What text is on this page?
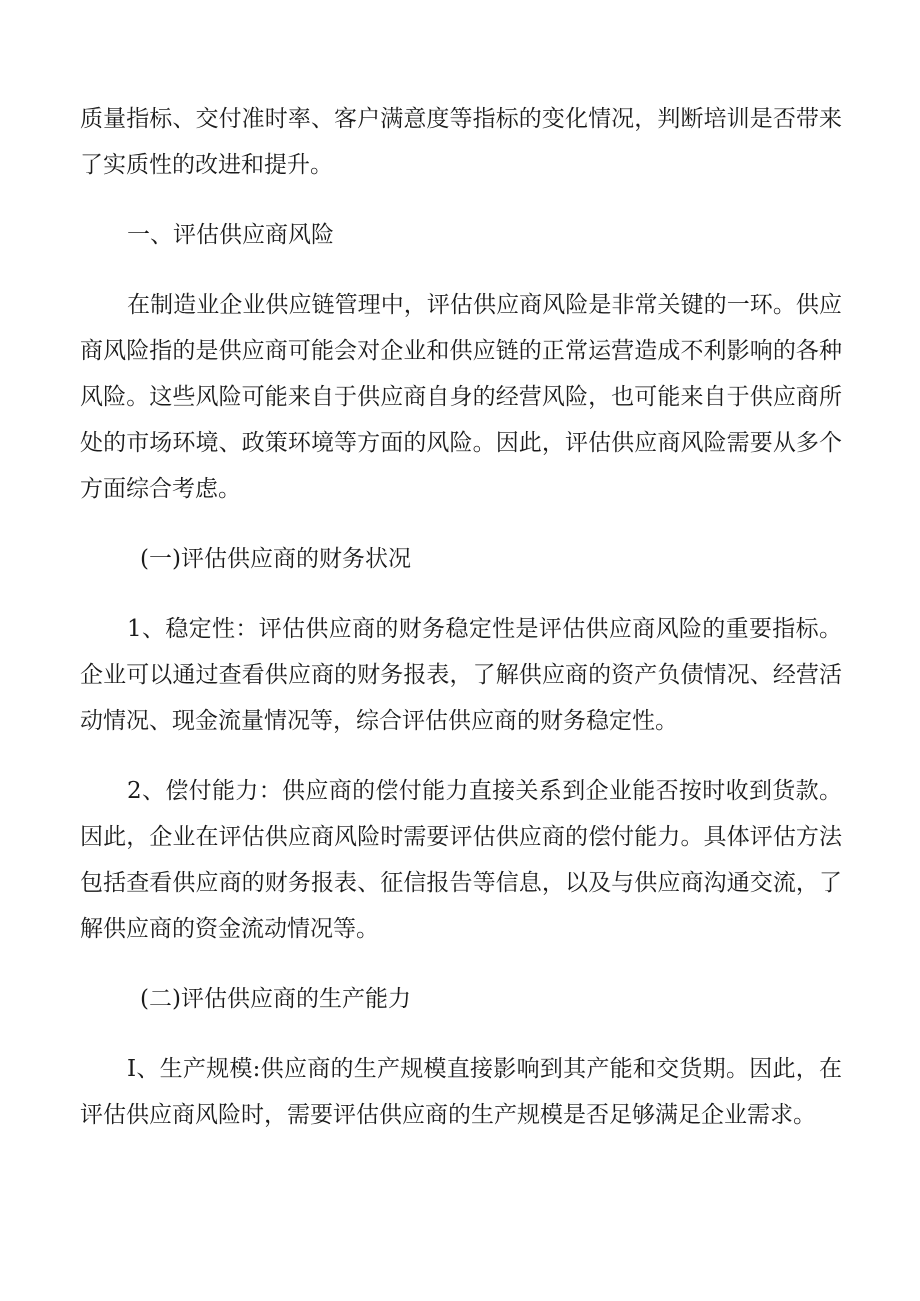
质量指标、交付准时率、客户满意度等指标的变化情况，判断培训是否带来了实质性的改进和提升。

一、评估供应商风险

在制造业企业供应链管理中，评估供应商风险是非常关键的一环。供应商风险指的是供应商可能会对企业和供应链的正常运营造成不利影响的各种风险。这些风险可能来自于供应商自身的经营风险，也可能来自于供应商所处的市场环境、政策环境等方面的风险。因此，评估供应商风险需要从多个方面综合考虑。

(一)评估供应商的财务状况

1、稳定性：评估供应商的财务稳定性是评估供应商风险的重要指标。企业可以通过查看供应商的财务报表，了解供应商的资产负债情况、经营活动情况、现金流量情况等，综合评估供应商的财务稳定性。

2、偿付能力：供应商的偿付能力直接关系到企业能否按时收到货款。因此，企业在评估供应商风险时需要评估供应商的偿付能力。具体评估方法包括查看供应商的财务报表、征信报告等信息，以及与供应商沟通交流，了解供应商的资金流动情况等。

(二)评估供应商的生产能力

I、生产规模:供应商的生产规模直接影响到其产能和交货期。因此，在评估供应商风险时，需要评估供应商的生产规模是否足够满足企业需求。
